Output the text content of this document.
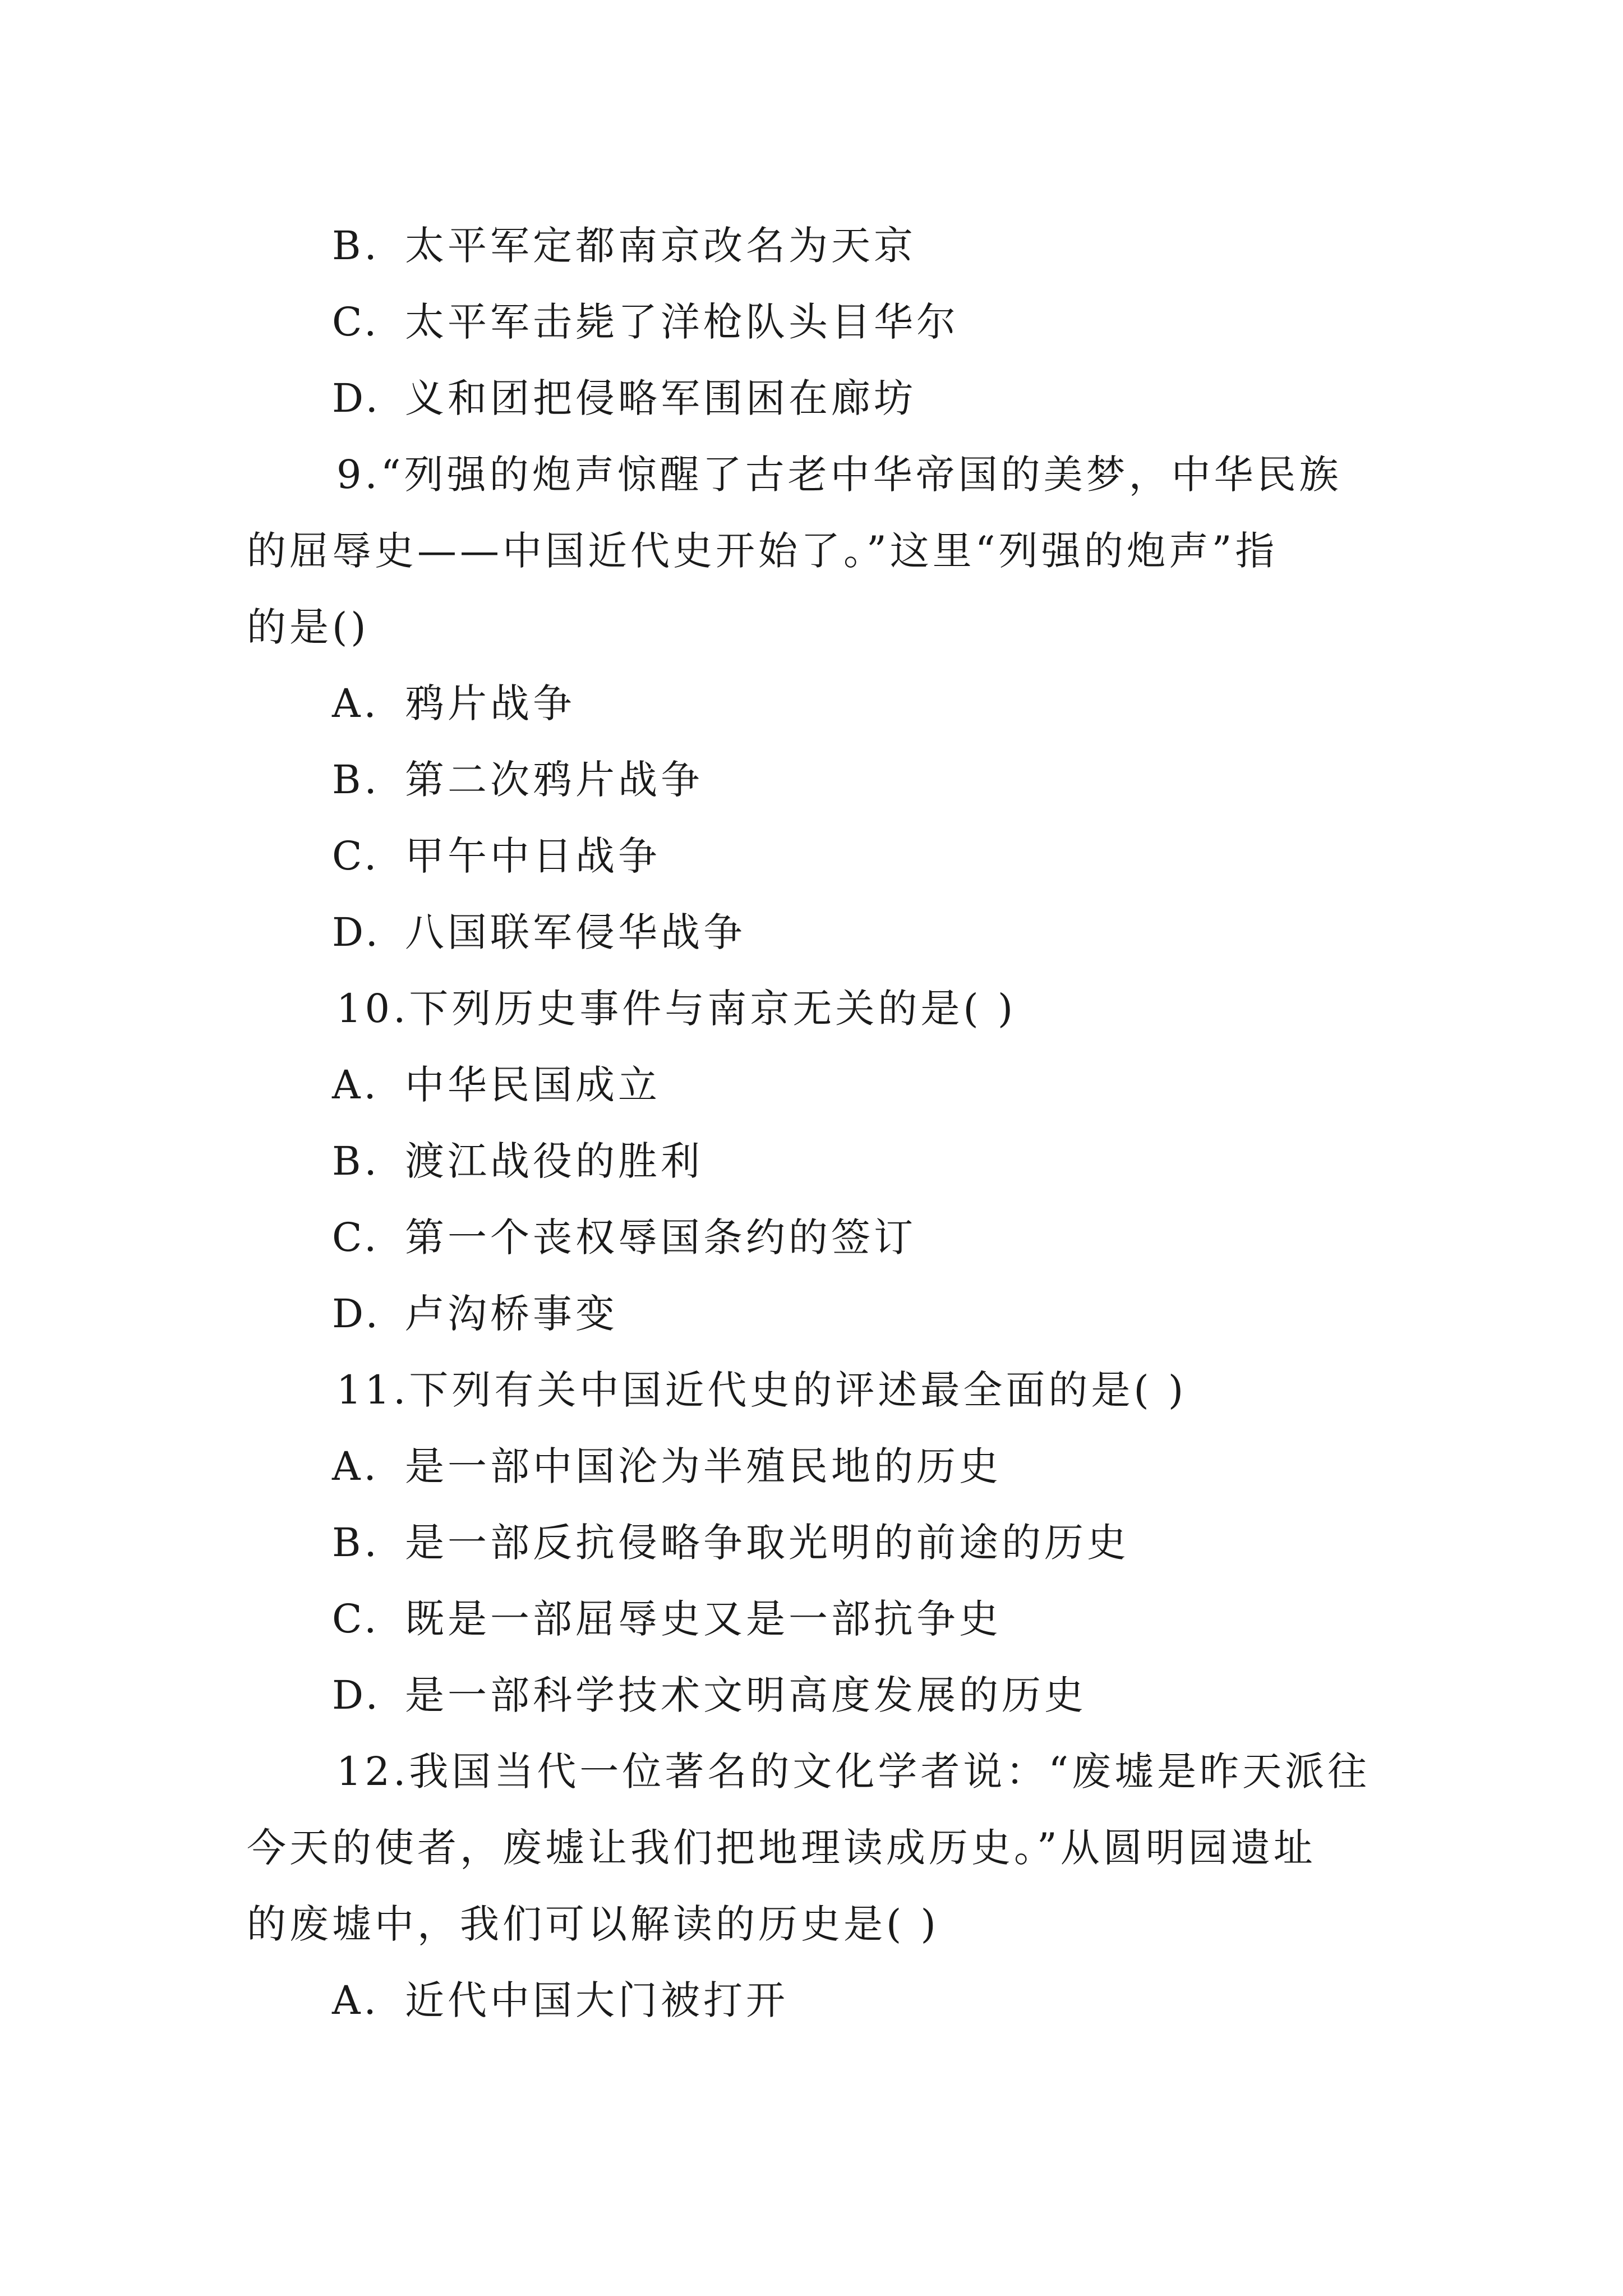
B. 太平军定都南京改名为天京
C. 太平军击毙了洋枪队头目华尔
D. 义和团把侵略军围困在廊坊
9.“列强的炮声惊醒了古老中华帝国的美梦，中华民族
的屈辱史——中国近代史开始了。”这里“列强的炮声”指
的是()
A. 鸦片战争
B. 第二次鸦片战争
C. 甲午中日战争
D. 八国联军侵华战争
10.下列历史事件与南京无关的是( )
A. 中华民国成立
B. 渡江战役的胜利
C. 第一个丧权辱国条约的签订
D. 卢沟桥事变
11.下列有关中国近代史的评述最全面的是( )
A. 是一部中国沦为半殖民地的历史
B. 是一部反抗侵略争取光明的前途的历史
C. 既是一部屈辱史又是一部抗争史
D. 是一部科学技术文明高度发展的历史
12.我国当代一位著名的文化学者说：“废墟是昨天派往
今天的使者，废墟让我们把地理读成历史。”从圆明园遗址
的废墟中，我们可以解读的历史是( )
A. 近代中国大门被打开
